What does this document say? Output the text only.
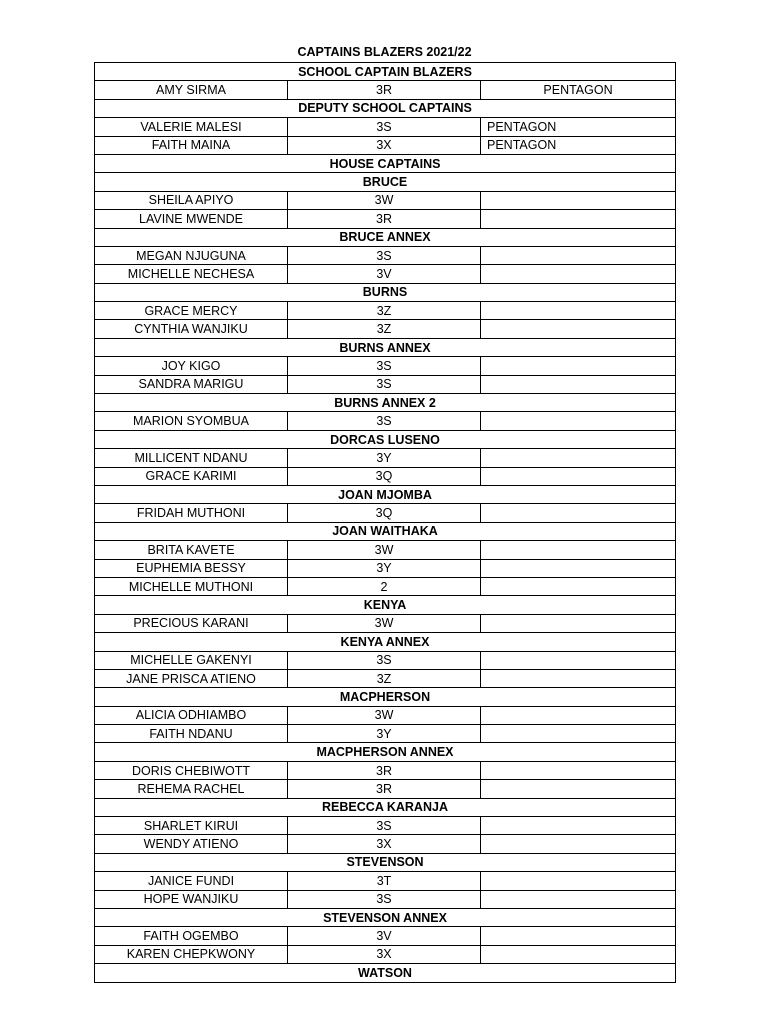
CAPTAINS BLAZERS 2021/22
SCHOOL CAPTAIN BLAZERS		
AMY SIRMA	3R	PENTAGON
DEPUTY SCHOOL CAPTAINS		
VALERIE MALESI	3S	PENTAGON
FAITH MAINA	3X	PENTAGON
HOUSE CAPTAINS		
BRUCE		
SHEILA APIYO	3W	
LAVINE MWENDE	3R	
BRUCE ANNEX		
MEGAN NJUGUNA	3S	
MICHELLE NECHESA	3V	
BURNS		
GRACE MERCY	3Z	
CYNTHIA WANJIKU	3Z	
BURNS ANNEX		
JOY KIGO	3S	
SANDRA MARIGU	3S	
BURNS ANNEX 2		
MARION SYOMBUA	3S	
DORCAS LUSENO		
MILLICENT NDANU	3Y	
GRACE KARIMI	3Q	
JOAN MJOMBA		
FRIDAH MUTHONI	3Q	
JOAN WAITHAKA		
BRITA KAVETE	3W	
EUPHEMIA BESSY	3Y	
MICHELLE MUTHONI	2	
KENYA		
PRECIOUS KARANI	3W	
KENYA ANNEX		
MICHELLE GAKENYI	3S	
JANE PRISCA ATIENO	3Z	
MACPHERSON		
ALICIA ODHIAMBO	3W	
FAITH NDANU	3Y	
MACPHERSON ANNEX		
DORIS CHEBIWOTT	3R	
REHEMA RACHEL	3R	
REBECCA KARANJA		
SHARLET KIRUI	3S	
WENDY ATIENO	3X	
STEVENSON		
JANICE FUNDI	3T	
HOPE WANJIKU	3S	
STEVENSON ANNEX		
FAITH OGEMBO	3V	
KAREN CHEPKWONY	3X	
WATSON		
